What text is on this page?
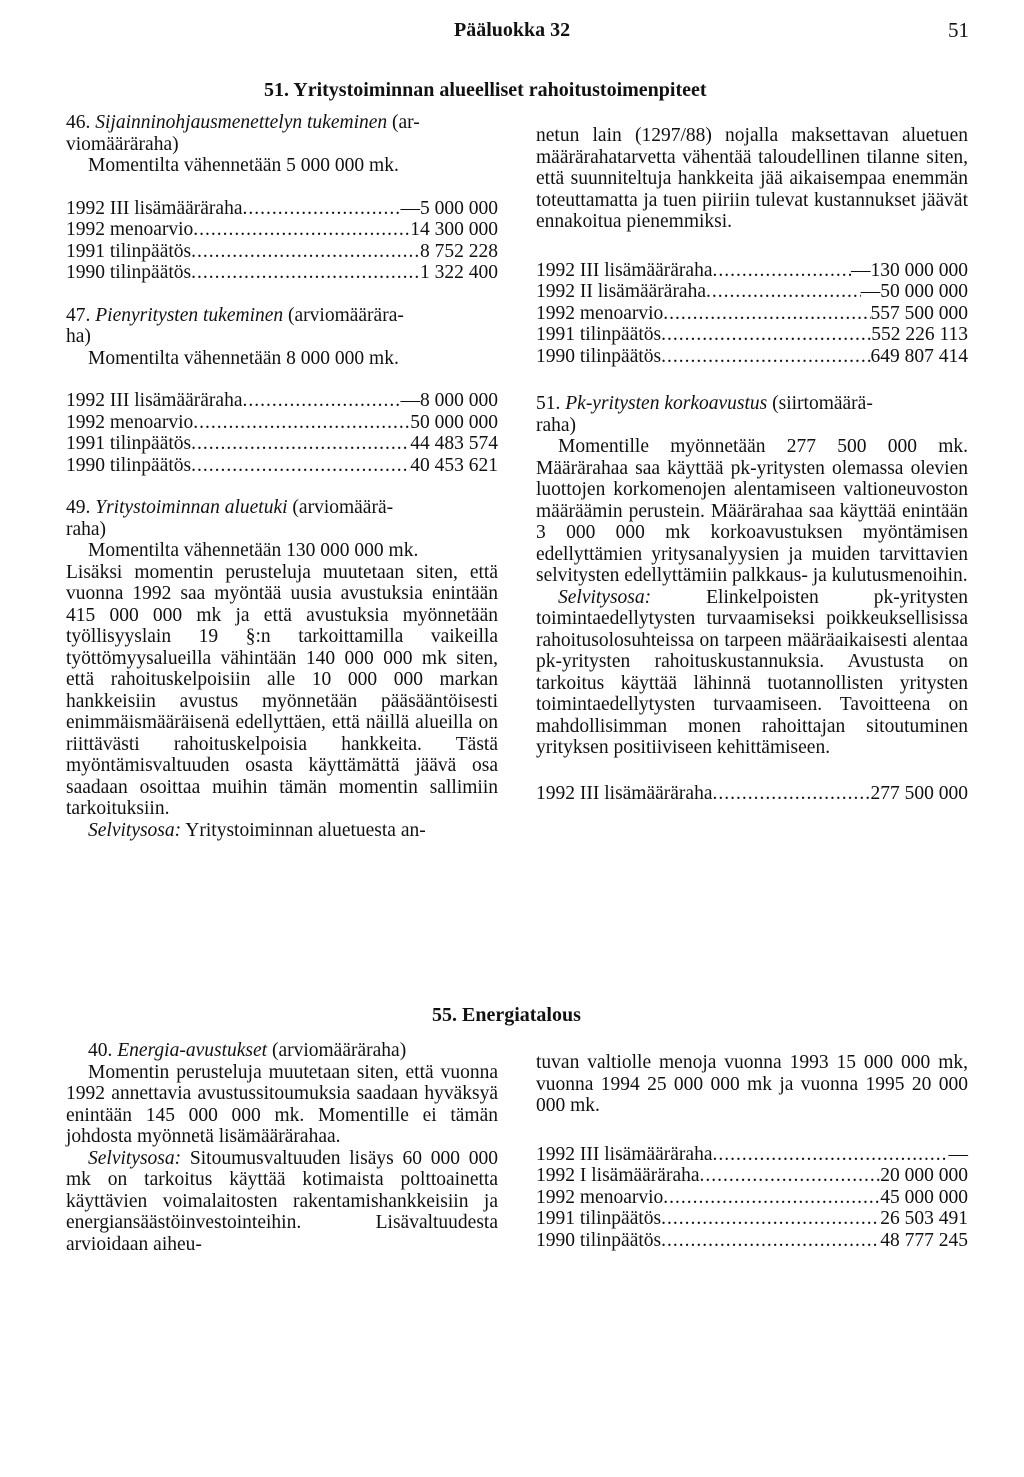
Pääluokka 32	51
51. Yritystoiminnan alueelliset rahoitustoimenpiteet

46. Sijainninohjausmenettelyn tukeminen (ar-
viomääräraha)

Momentilta vähennetään 5 000 000 mk.

1992 III lisämääräraha .....	—5 000 000
1992 menoarvio .....	14 300 000
1991 tilinpäätös .....	8 752 228
1990 tilinpäätös .....	1 322 400

47. Pienyritysten tukeminen (arviomäärära-
ha)

Momentilta vähennetään 8 000 000 mk.

1992 III lisämääräraha .....	—8 000 000
1992 menoarvio .....	50 000 000
1991 tilinpäätös .....	44 483 574
1990 tilinpäätös .....	40 453 621

49. Yritystoiminnan aluetuki (arviomäärä-
raha)

Momentilta vähennetään 130 000 000 mk.

Lisäksi momentin perusteluja muutetaan siten, että vuonna 1992 saa myöntää uusia avustuksia enintään 415 000 000 mk ja että avustuksia myönnetään työllisyyslain 19 §:n tarkoittamilla vaikeilla työttömyysalueilla vähintään 140 000 000 mk siten, että rahoituskelpoisiin alle 10 000 000 markan hankkeisiin avustus myönnetään pääsääntöisesti enimmäismääräisenä edellyttäen, että näillä alueilla on riittävästi rahoituskelpoisia hankkeita. Tästä myöntämisvaltuuden osasta käyttämättä jäävä osa saadaan osoittaa muihin tämän momentin sallimiin tarkoituksiin.

Selvitysosa: Yritystoiminnan aluetuesta an-

netun lain (1297/88) nojalla maksettavan aluetuen määrärahatarvetta vähentää taloudellinen tilanne siten, että suunniteltuja hankkeita jää aikaisempaa enemmän toteuttamatta ja tuen piiriin tulevat kustannukset jäävät ennakoitua pienemmiksi.

1992 III lisämääräraha .....	—130 000 000
1992 II lisämääräraha .....	—50 000 000
1992 menoarvio .....	557 500 000
1991 tilinpäätös .....	552 226 113
1990 tilinpäätös .....	649 807 414

51. Pk-yritysten korkoavustus (siirtomäärä-
raha)

Momentille myönnetään 277 500 000 mk. Määrärahaa saa käyttää pk-yritysten olemassa olevien luottojen korkomenojen alentamiseen valtioneuvoston määräämin perustein. Määrärahaa saa käyttää enintään 3 000 000 mk korkoavustuksen myöntämisen edellyttämien yritysanalyysien ja muiden tarvittavien selvitysten edellyttämiin palkkaus- ja kulutusmenoihin.

Selvitysosa:	Elinkelpoisten pk-yritysten toimintaedellytysten turvaamiseksi poikkeuksellisissa rahoitusolosuhteissa on tarpeen määräaikaisesti alentaa pk-yritysten rahoituskustannuksia. Avustusta on tarkoitus käyttää lähinnä tuotannollisten yritysten toimintaedellytysten turvaamiseen. Tavoitteena on mahdollisimman monen rahoittajan sitoutuminen yrityksen positiiviseen kehittämiseen.

1992 III lisämääräraha .....	277 500 000
55. Energiatalous

40. Energia-avustukset (arviomääräraha)

Momentin perusteluja muutetaan siten, että vuonna 1992 annettavia avustussitoumuksia saadaan hyväksyä enintään 145 000 000 mk. Momentille ei tämän johdosta myönnetä lisämäärärahaa.

Selvitysosa: Sitoumusvaltuuden lisäys 60 000 000 mk on tarkoitus käyttää kotimaista polttoainetta käyttävien voimalaitosten rakentamishankkeisiin ja energiansäästöinvestointeihin. Lisävaltuudesta arvioidaan aiheu-

tuvan valtiolle menoja vuonna 1993 15 000 000 mk, vuonna 1994 25 000 000 mk ja vuonna 1995 20 000 000 mk.

1992 III lisämääräraha .....	—
1992 I lisämääräraha .....	20 000 000
1992 menoarvio .....	45 000 000
1991 tilinpäätös .....	26 503 491
1990 tilinpäätös .....	48 777 245
